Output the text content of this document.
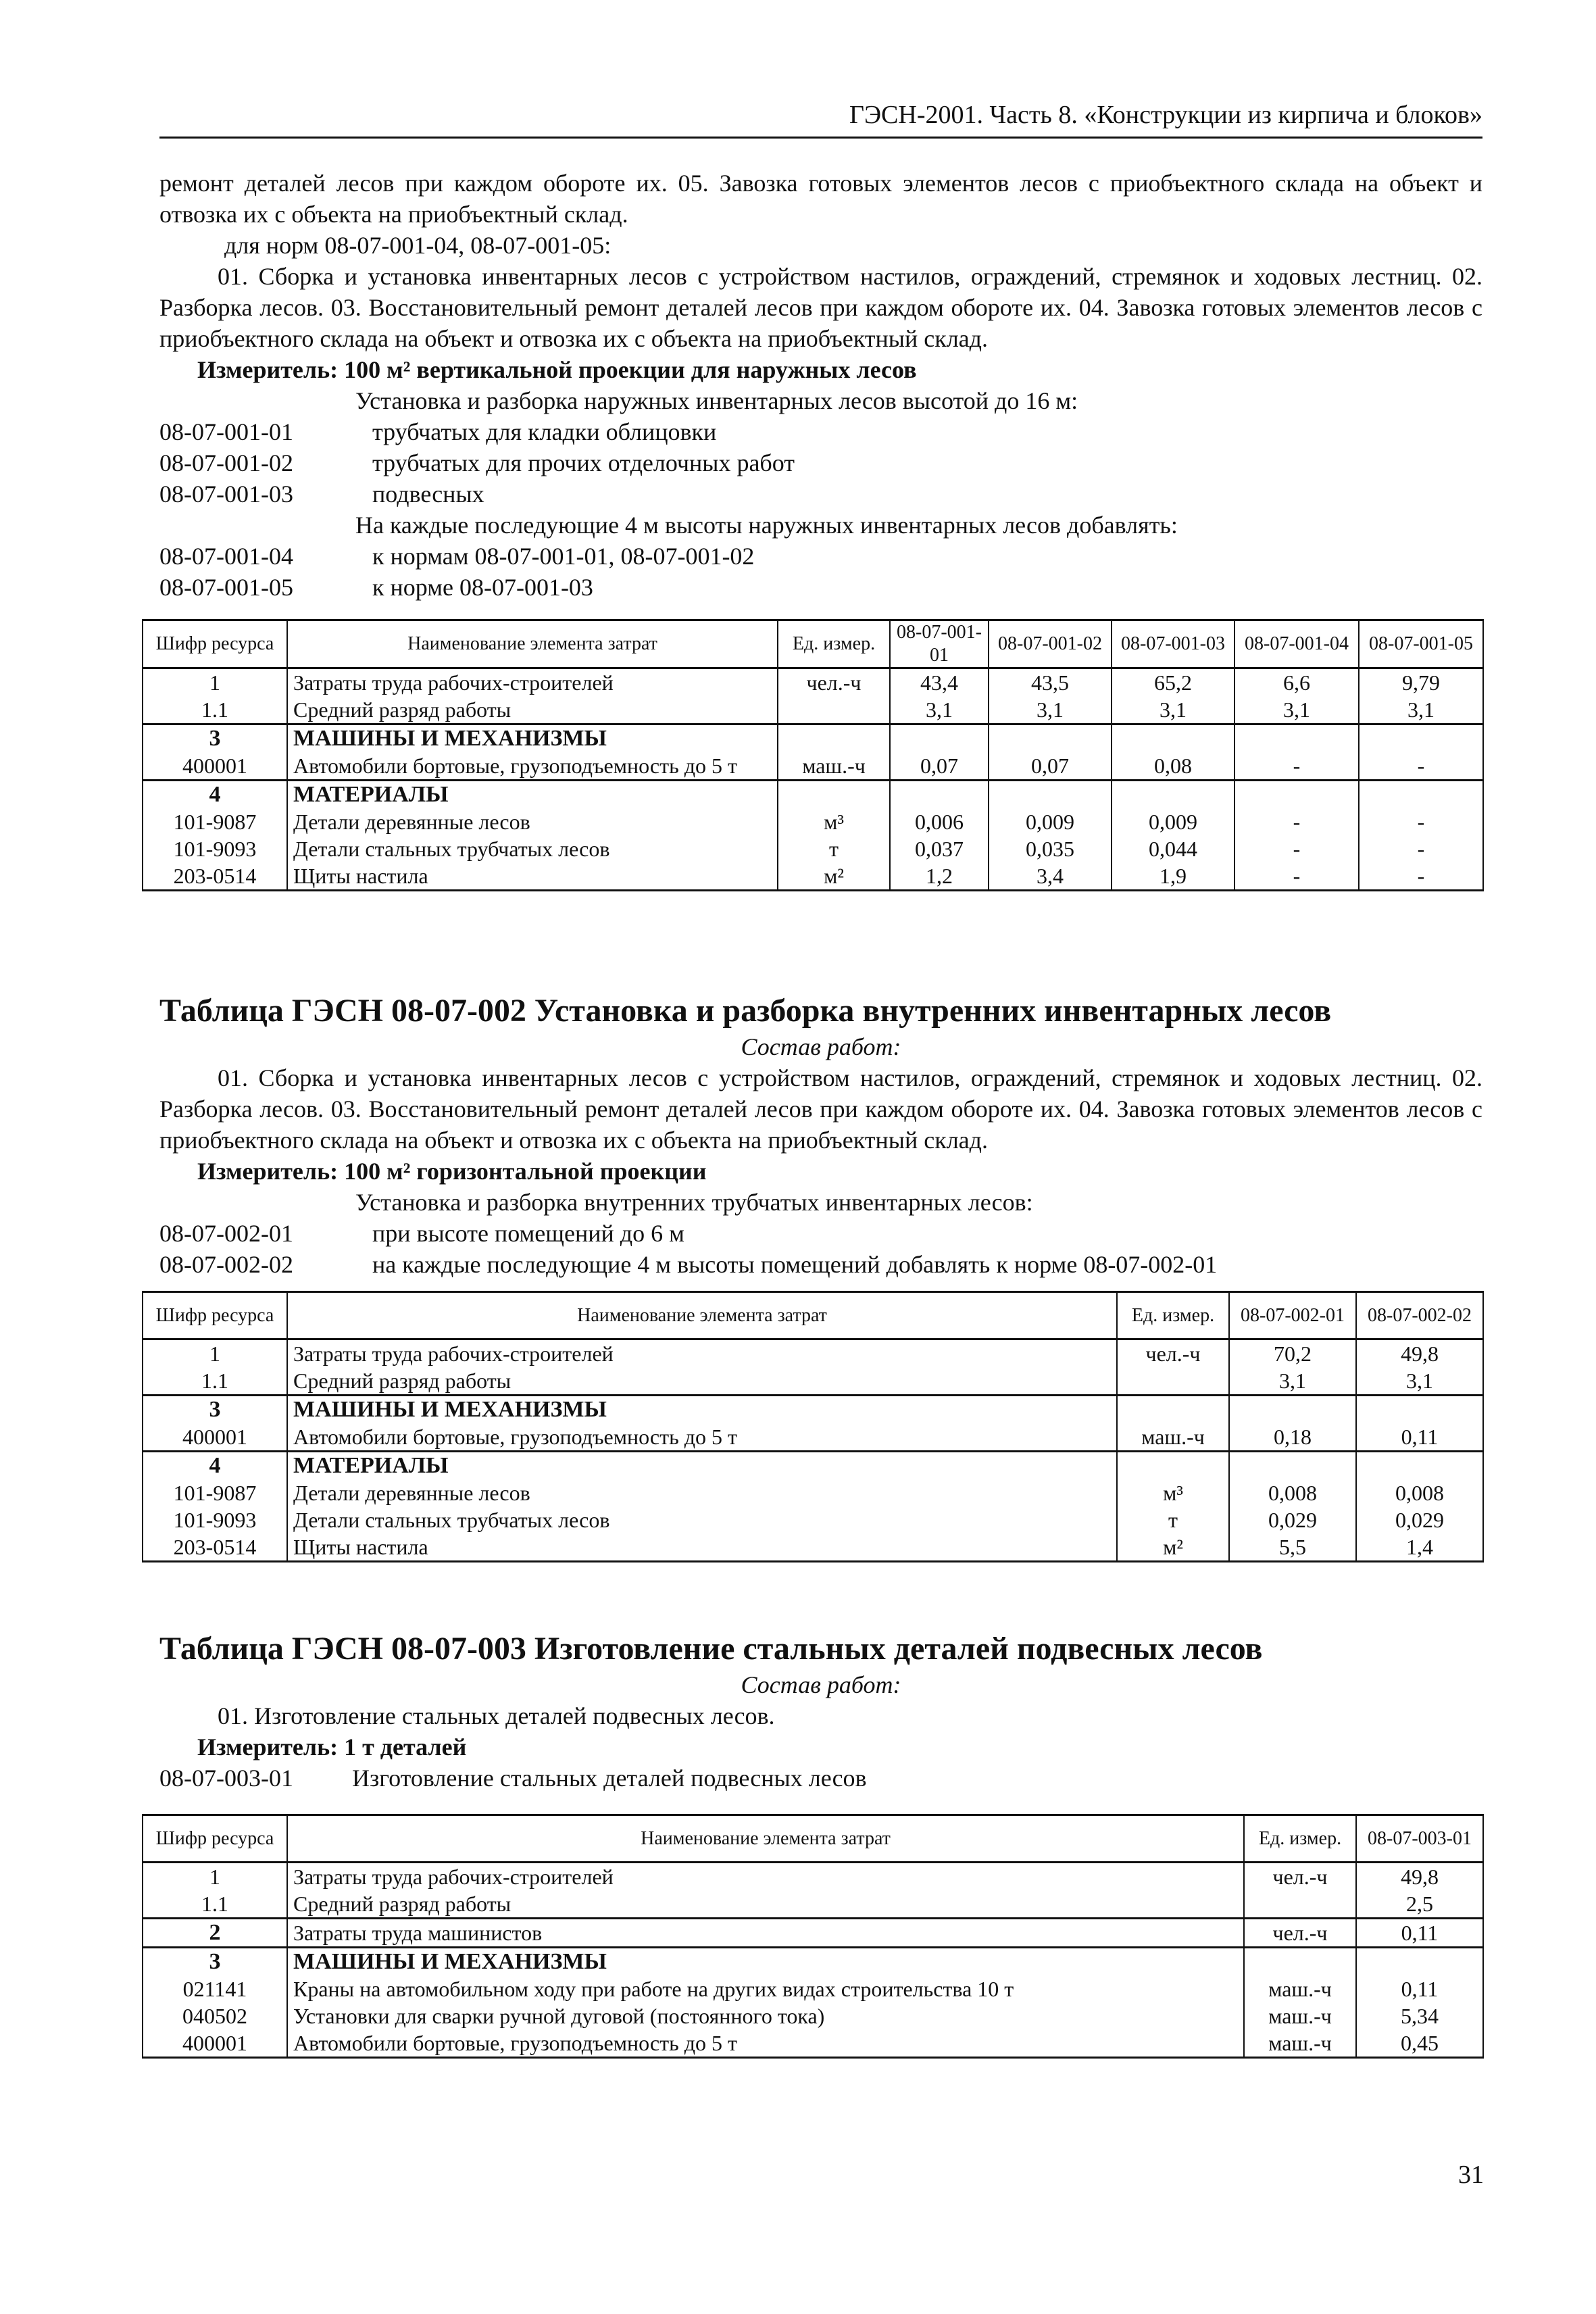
ГЭСН-2001. Часть 8. «Конструкции из кирпича и блоков»

ремонт деталей лесов при каждом обороте их. 05. Завозка готовых элементов лесов с приобъектного склада на объект и отвозка их с объекта на приобъектный склад.

для норм 08-07-001-04, 08-07-001-05:

01. Сборка и установка инвентарных лесов с устройством настилов, ограждений, стремянок и ходовых лестниц. 02. Разборка лесов. 03. Восстановительный ремонт деталей лесов при каждом обороте их. 04. Завозка готовых элементов лесов с приобъектного склада на объект и отвозка их с объекта на приобъектный склад.

Измеритель: 100 м² вертикальной проекции для наружных лесов

Установка и разборка наружных инвентарных лесов высотой до 16 м:

08-07-001-01	трубчатых для кладки облицовки
08-07-001-02	трубчатых для прочих отделочных работ
08-07-001-03	подвесных

На каждые последующие 4 м высоты наружных инвентарных лесов добавлять:

08-07-001-04	к нормам 08-07-001-01, 08-07-001-02
08-07-001-05	к норме 08-07-001-03
Шифр ресурса	Наименование элемента затрат	Ед. измер.	08-07-001-01	08-07-001-02	08-07-001-03	08-07-001-04	08-07-001-05
1	Затраты труда рабочих-строителей	чел.-ч	43,4	43,5	65,2	6,6	9,79
1.1	Средний разряд работы		3,1	3,1	3,1	3,1	3,1
3	МАШИНЫ И МЕХАНИЗМЫ						
400001	Автомобили бортовые, грузоподъемность до 5 т	маш.-ч	0,07	0,07	0,08	-	-
4	МАТЕРИАЛЫ						
101-9087	Детали деревянные лесов	м³	0,006	0,009	0,009	-	-
101-9093	Детали стальных трубчатых лесов	т	0,037	0,035	0,044	-	-
203-0514	Щиты настила	м²	1,2	3,4	1,9	-	-

Таблица ГЭСН 08-07-002 Установка и разборка внутренних инвентарных лесов

Состав работ:

01. Сборка и установка инвентарных лесов с устройством настилов, ограждений, стремянок и ходовых лестниц. 02. Разборка лесов. 03. Восстановительный ремонт деталей лесов при каждом обороте их. 04. Завозка готовых элементов лесов с приобъектного склада на объект и отвозка их с объекта на приобъектный склад.

Измеритель: 100 м² горизонтальной проекции

Установка и разборка внутренних трубчатых инвентарных лесов:

08-07-002-01	при высоте помещений до 6 м
08-07-002-02	на каждые последующие 4 м высоты помещений добавлять к норме 08-07-002-01
Шифр ресурса	Наименование элемента затрат	Ед. измер.	08-07-002-01	08-07-002-02
1	Затраты труда рабочих-строителей	чел.-ч	70,2	49,8
1.1	Средний разряд работы		3,1	3,1
3	МАШИНЫ И МЕХАНИЗМЫ			
400001	Автомобили бортовые, грузоподъемность до 5 т	маш.-ч	0,18	0,11
4	МАТЕРИАЛЫ			
101-9087	Детали деревянные лесов	м³	0,008	0,008
101-9093	Детали стальных трубчатых лесов	т	0,029	0,029
203-0514	Щиты настила	м²	5,5	1,4

Таблица ГЭСН 08-07-003 Изготовление стальных деталей подвесных лесов

Состав работ:

01. Изготовление стальных деталей подвесных лесов.

Измеритель: 1 т деталей

08-07-003-01	Изготовление стальных деталей подвесных лесов
Шифр ресурса	Наименование элемента затрат	Ед. измер.	08-07-003-01
1	Затраты труда рабочих-строителей	чел.-ч	49,8
1.1	Средний разряд работы		2,5
2	Затраты труда машинистов	чел.-ч	0,11
3	МАШИНЫ И МЕХАНИЗМЫ		
021141	Краны на автомобильном ходу при работе на других видах строительства 10 т	маш.-ч	0,11
040502	Установки для сварки ручной дуговой (постоянного тока)	маш.-ч	5,34
400001	Автомобили бортовые, грузоподъемность до 5 т	маш.-ч	0,45
31
